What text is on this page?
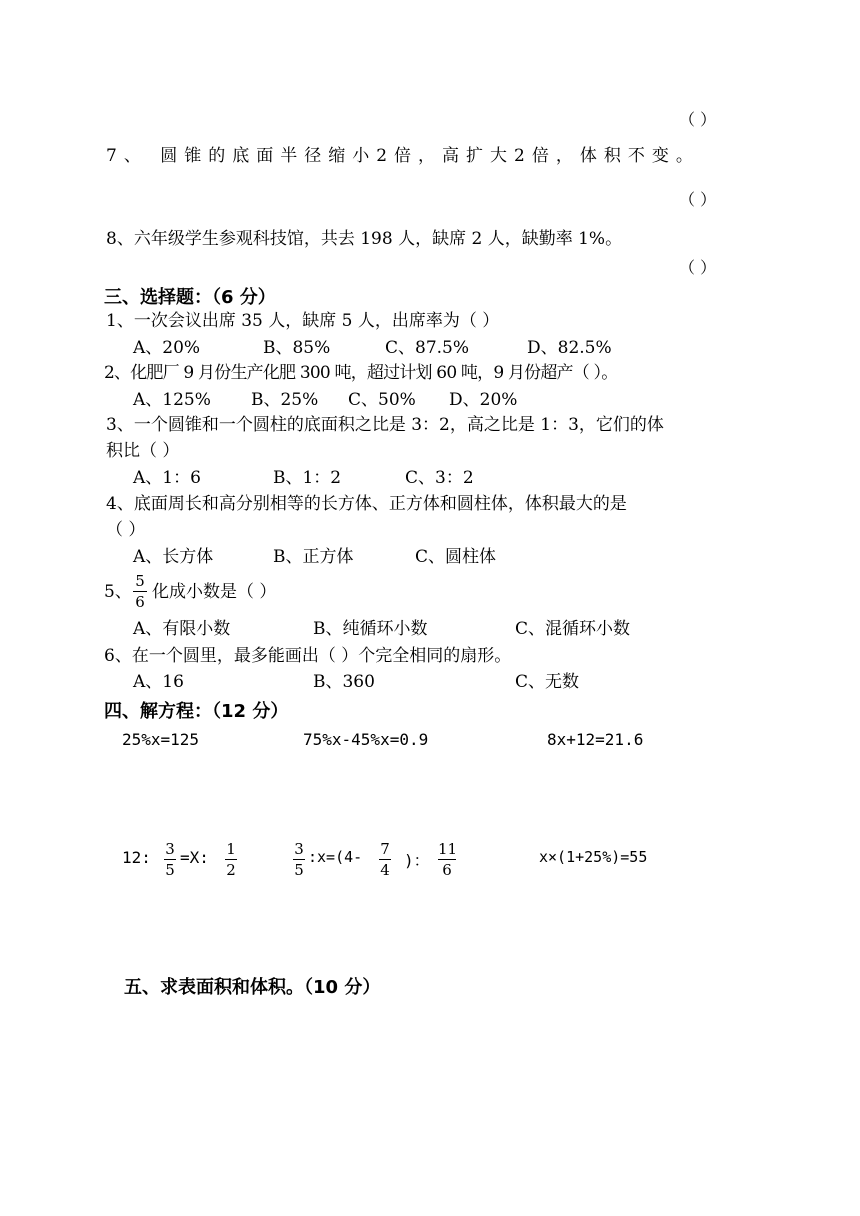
（ ）
7、 圆锥的底面半径缩小2倍，高扩大2倍，体积不变。
（ ）
8、六年级学生参观科技馆，共去 198 人，缺席 2 人，缺勤率 1%。
（ ）
三、选择题：（6 分）
1、一次会议出席 35 人，缺席 5 人，出席率为（ ）
A、20%	B、85%	C、87.5%	D、82.5%
2、化肥厂 9 月份生产化肥 300 吨，超过计划 60 吨，9 月份超产（ ）。
A、125% B、25% C、50% D、20%
3、一个圆锥和一个圆柱的底面积之比是 3：2，高之比是 1：3，它们的体
积比（ ）
A、1：6	B、1：2	C、3：2
4、底面周长和高分别相等的长方体、正方体和圆柱体，体积最大的是
（ ）
A、长方体	B、正方体	C、圆柱体
5、
5
6 化成小数是（ ）
A、有限小数	B、纯循环小数	C、混循环小数
6、在一个圆里，最多能画出（ ）个完全相同的扇形。
A、16	B、360	C、无数
四、解方程：（12 分）
25%x=125	75%x-45%x=0.9	8x+12=21.6
12: 3
5
=X: 1
2
3
5
:x=(4- 7
4 )：
11
6
x×(1+25%)=55
五、求表面积和体积。（10 分）
